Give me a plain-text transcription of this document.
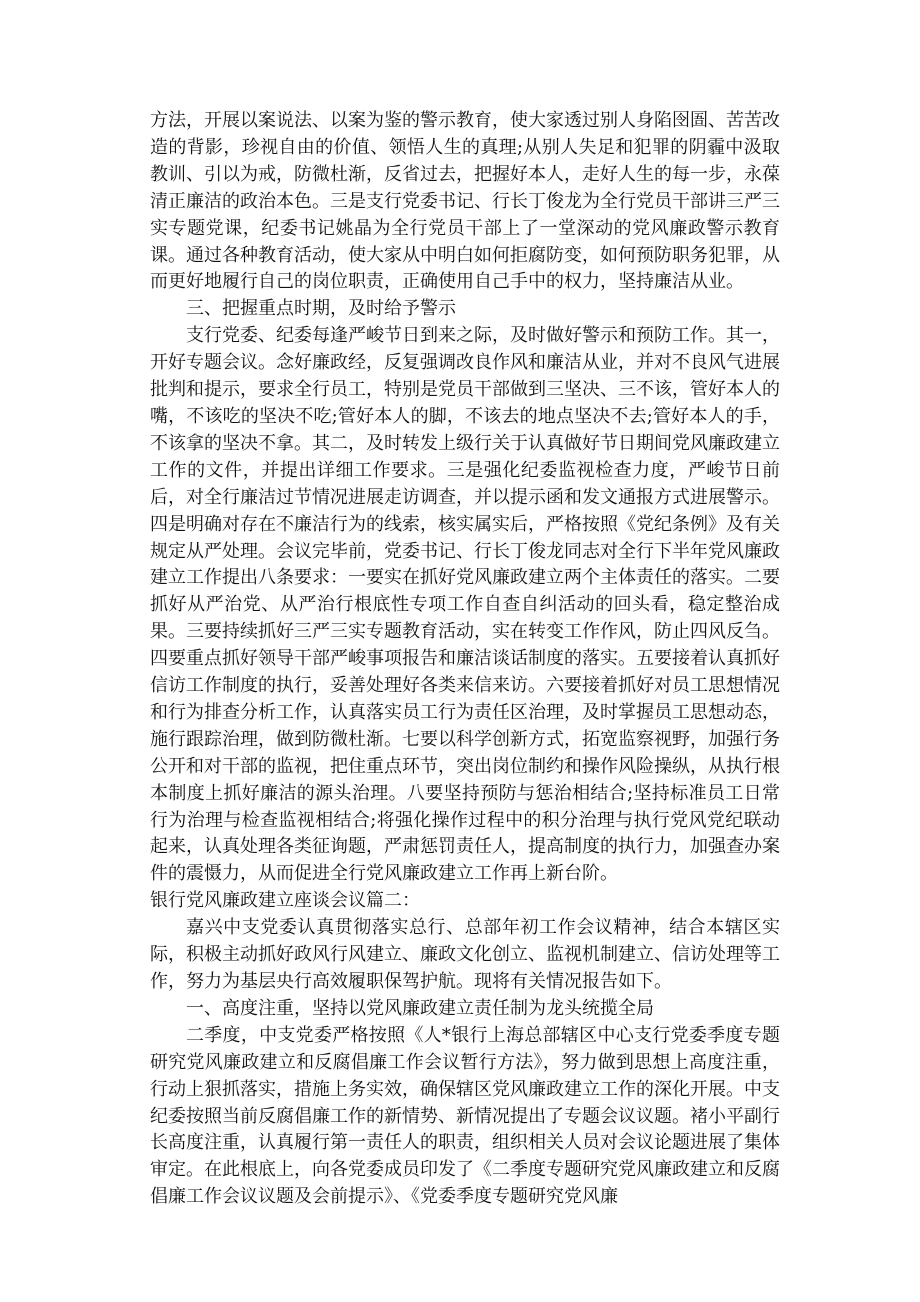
方法，开展以案说法、以案为鉴的警示教育，使大家透过别人身陷囹圄、苦苦改造的背影，珍视自由的价值、领悟人生的真理;从别人失足和犯罪的阴霾中汲取教训、引以为戒，防微杜渐，反省过去，把握好本人，走好人生的每一步，永葆清正廉洁的政治本色。三是支行党委书记、行长丁俊龙为全行党员干部讲三严三实专题党课，纪委书记姚晶为全行党员干部上了一堂深动的党风廉政警示教育课。通过各种教育活动，使大家从中明白如何拒腐防变，如何预防职务犯罪，从而更好地履行自己的岗位职责，正确使用自己手中的权力，坚持廉洁从业。

三、把握重点时期，及时给予警示

支行党委、纪委每逢严峻节日到来之际，及时做好警示和预防工作。其一，开好专题会议。念好廉政经，反复强调改良作风和廉洁从业，并对不良风气进展批判和提示，要求全行员工，特别是党员干部做到三坚决、三不该，管好本人的嘴，不该吃的坚决不吃;管好本人的脚，不该去的地点坚决不去;管好本人的手，不该拿的坚决不拿。其二，及时转发上级行关于认真做好节日期间党风廉政建立工作的文件，并提出详细工作要求。三是强化纪委监视检查力度，严峻节日前后，对全行廉洁过节情况进展走访调查，并以提示函和发文通报方式进展警示。四是明确对存在不廉洁行为的线索，核实属实后，严格按照《党纪条例》及有关规定从严处理。会议完毕前，党委书记、行长丁俊龙同志对全行下半年党风廉政建立工作提出八条要求：一要实在抓好党风廉政建立两个主体责任的落实。二要抓好从严治党、从严治行根底性专项工作自查自纠活动的回头看，稳定整治成果。三要持续抓好三严三实专题教育活动，实在转变工作作风，防止四风反刍。四要重点抓好领导干部严峻事项报告和廉洁谈话制度的落实。五要接着认真抓好信访工作制度的执行，妥善处理好各类来信来访。六要接着抓好对员工思想情况和行为排查分析工作，认真落实员工行为责任区治理，及时掌握员工思想动态，施行跟踪治理，做到防微杜渐。七要以科学创新方式，拓宽监察视野，加强行务公开和对干部的监视，把住重点环节，突出岗位制约和操作风险操纵，从执行根本制度上抓好廉洁的源头治理。八要坚持预防与惩治相结合;坚持标准员工日常行为治理与检查监视相结合;将强化操作过程中的积分治理与执行党风党纪联动起来，认真处理各类征询题，严肃惩罚责任人，提高制度的执行力，加强查办案件的震慑力，从而促进全行党风廉政建立工作再上新台阶。

银行党风廉政建立座谈会议篇二：

嘉兴中支党委认真贯彻落实总行、总部年初工作会议精神，结合本辖区实际，积极主动抓好政风行风建立、廉政文化创立、监视机制建立、信访处理等工作，努力为基层央行高效履职保驾护航。现将有关情况报告如下。

一、高度注重，坚持以党风廉政建立责任制为龙头统揽全局

二季度，中支党委严格按照《人*银行上海总部辖区中心支行党委季度专题研究党风廉政建立和反腐倡廉工作会议暂行方法》，努力做到思想上高度注重，行动上狠抓落实，措施上务实效，确保辖区党风廉政建立工作的深化开展。中支纪委按照当前反腐倡廉工作的新情势、新情况提出了专题会议议题。褚小平副行长高度注重，认真履行第一责任人的职责，组织相关人员对会议论题进展了集体审定。在此根底上，向各党委成员印发了《二季度专题研究党风廉政建立和反腐倡廉工作会议议题及会前提示》、《党委季度专题研究党风廉
